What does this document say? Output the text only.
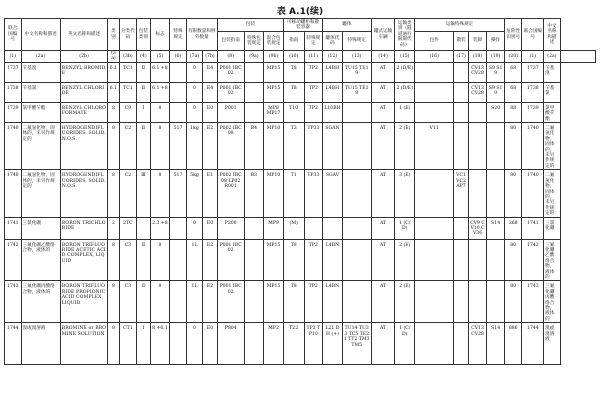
表 A.1(续)
联合国编号	中文名称和描述	英文名称和描述	类别	分类代码	包装类别	标志	特殊规定	有限数量和例外数量		包装			可移动罐柜和散装容器		罐体		罐式运输车辆	运输类别（隧道通行限制代码）	运输特殊规定				危险性识别号	联合国编号	中文名称和描述	
										包装指南	特殊包装规定	混合包装规定	指南	特殊规定	罐体代码	特殊规定			包件	散装	装卸	操作				

(1)	(2a)	(2b)	(3a)	(3b)	(4)	(5)	(6)	(7a)	(7b)	(8)	(9a)	(9b)	(10)	(11)	(12)	(13)	(14)	(15)	(16)	(17)	(18)	(19)	(20)	(1)	(2a)	
1737	苄基溴	BENZYL BROMIDE	6.1	TC1	Ⅱ	6.1 +8		0	E4	P001 IBC02		MP15	T8	TP2	L4BH	TU15 TE19	AT	2 (D/E)			CV13 CV28	S9 S19	68	1737	苄基溴	
1738	苄基氯	BENZYL CHLORIDE	6.1	TC1	Ⅱ	6.1 +8		0	E4	P001 IBC02		MP15	T8	TP2	L4BH	TU15 TE19	AT	2 (D/E)			CV13 CV28	S9 S19	68	1738	苄基氯	
1739	氯甲酸苄酯	BENZYL CHLOROFORMATE	8	C9	Ⅰ	8		0	E0	P001		MP8 MP17	T10	TP2	L10BH		AT	1 (E)				S20	88	1739	氯甲酸苄酯	
1740	二氟氢化物，固体的，未另作规定的	HYDROGENDIFLUORIDES, SOLID, N.O.S.	8	C2	Ⅱ	8	517	1kg	E2	P002 IBC08	B4	MP10	T3	TP33	SGAN		AT	2 (E)	V11				80	1740	二氟氢化物，固体的，未另作规定的	
1740	二氟氢化物，固体的，未另作规定的	HYDROGENDIFLUORIDES, SOLID, N.O.S.	8	C2	Ⅲ	8	517	5kg	E1	P002 IBC08 LP02 R001	B3	MP10	T1	TP33	SGAV		AT	3 (E)		VC1 VC2 AP7			80	1740	二氟氢化物，固体的，未另作规定的	
1741	三氯化硼	BORON TRICHLORIDE	2	2TC		2.3 +8		0	E0	P200		MP9	(M)				AT	1 (C/D)			CV9 CV10 CV36	S14	268	1741	三氯化硼	
1742	三氟化硼乙酸络合物，液体的	BORON TRIFLUORIDE ACETIC ACID COMPLEX, LIQUID	8	C3	Ⅱ	8		1L	E2	P001 IBC02		MP15	T8	TP2	L4BN		AT	2 (E)					80	1742	三氟化硼乙酸络合物，液体的	
1743	三氟化硼丙酸络合物，液体的	BORON TRIFLUORIDE PROPIONIC ACID COMPLEX, LIQUID	8	C3	Ⅱ	8		1L	E2	P001 IBC02		MP15	T8	TP2	L4BN		AT	2 (E)					80	1743	三氟化硼丙酸络合物，液体的	
1744	溴或溴溶液	BROMINE or BROMINE SOLUTION	8	CT1	Ⅰ	8 +6.1		0	E0	P804		MP2	T22	TP2 TP10	L21 DH (+)	TU14 TU33 TC5 TE21 TT2 TM3 TM5	AT	1 (C/D)			CV13 CV28	S14	886	1744	溴或溴溶液	
